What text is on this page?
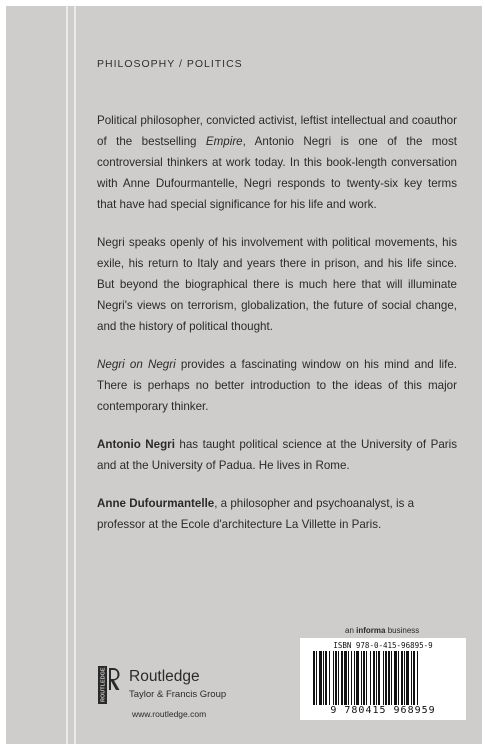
PHILOSOPHY / POLITICS

Political philosopher, convicted activist, leftist intellectual and coauthor of the bestselling Empire, Antonio Negri is one of the most controversial thinkers at work today. In this book-length conversation with Anne Dufourmantelle, Negri responds to twenty-six key terms that have had special significance for his life and work.

Negri speaks openly of his involvement with political movements, his exile, his return to Italy and years there in prison, and his life since. But beyond the biographical there is much here that will illuminate Negri's views on terrorism, globalization, the future of social change, and the history of political thought.

Negri on Negri provides a fascinating window on his mind and life. There is perhaps no better introduction to the ideas of this major contemporary thinker.

Antonio Negri has taught political science at the University of Paris and at the University of Padua. He lives in Rome.

Anne Dufourmantelle, a philosopher and psychoanalyst, is a professor at the Ecole d'architecture La Villette in Paris.

an informa business
ISBN 978-0-415-96895-9
9 780415 968959
ROUTLEDGE Routledge
Taylor & Francis Group
www.routledge.com
